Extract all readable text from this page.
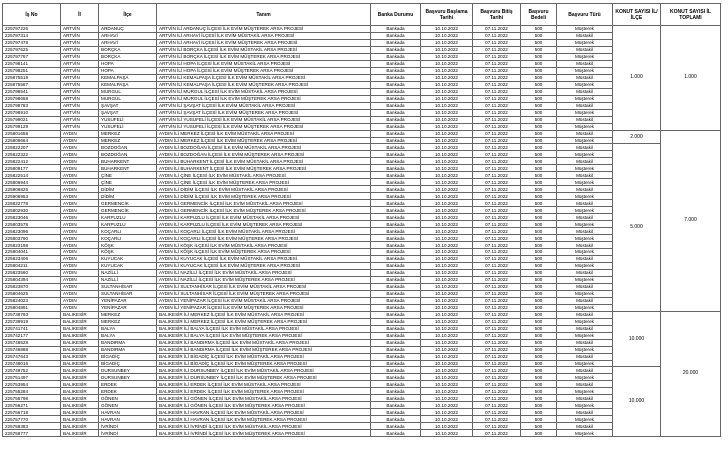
İş No	İl	İlçe	Tanım	Banka Durumu	Başvuru Başlama Tarihi	Başvuru Bitiş Tarihi	Başvuru Bedeli	Başvuru Türü	KONUT SAYISI İL/İLÇE	KONUT SAYISI İL TOPLAMI
225797226	ARTVİN	ARDANUÇ	ARTVİN İLİ ARDANUÇ İLÇESİ İLK EVİM MÜŞTEREK ARSA PROJESİ	Bankada	10.10.2022	07.11.2022	500	Müşterek	1.000	1.000
225797314	ARTVİN	ARHAVİ	ARTVİN İLİ ARHAVİ İLÇESİ İLK EVİM MÜSTAKİL ARSA PROJESİ	Bankada	10.10.2022	07.11.2022	500	Müstakil		
225797478	ARTVİN	ARHAVİ	ARTVİN İLİ ARHAVİ İLÇESİ İLK EVİM MÜŞTEREK ARSA PROJESİ	Bankada	10.10.2022	07.11.2022	500	Müşterek		
225797625	ARTVİN	BORÇKA	ARTVİN İLİ BORÇKA İLÇESİ İLK EVİM MÜSTAKİL ARSA PROJESİ	Bankada	10.10.2022	07.11.2022	500	Müstakil		
225797767	ARTVİN	BORÇKA	ARTVİN İLİ BORÇKA İLÇESİ İLK EVİM MÜŞTEREK ARSA PROJESİ	Bankada	10.10.2022	07.11.2022	500	Müşterek		
225798141	ARTVİN	HOPA	ARTVİN İLİ HOPA İLÇESİ İLK EVİM MÜSTAKİL ARSA PROJESİ	Bankada	10.10.2022	07.11.2022	500	Müstakil		
225798251	ARTVİN	HOPA	ARTVİN İLİ HOPA İLÇESİ İLK EVİM MÜŞTEREK ARSA PROJESİ	Bankada	10.10.2022	07.11.2022	500	Müşterek		
225875519	ARTVİN	KEMALPAŞA	ARTVİN İLİ KEMALPAŞA İLÇESİ İLK EVİM MÜSTAKİL ARSA PROJESİ	Bankada	10.10.2022	07.11.2022	500	Müstakil		
225875587	ARTVİN	KEMALPAŞA	ARTVİN İLİ KEMALPAŞA İLÇESİ İLK EVİM MÜŞTEREK ARSA PROJESİ	Bankada	10.10.2022	07.11.2022	500	Müşterek		
225798541	ARTVİN	MURGUL	ARTVİN İLİ MURGUL İLÇESİ İLK EVİM MÜSTAKİL ARSA PROJESİ	Bankada	10.10.2022	07.11.2022	500	Müstakil		
225798658	ARTVİN	MURGUL	ARTVİN İLİ MURGUL İLÇESİ İLK EVİM MÜŞTEREK ARSA PROJESİ	Bankada	10.10.2022	07.11.2022	500	Müşterek		
225798783	ARTVİN	ŞAVŞAT	ARTVİN İLİ ŞAVŞAT İLÇESİ İLK EVİM MÜSTAKİL ARSA PROJESİ	Bankada	10.10.2022	07.11.2022	500	Müstakil		
225798910	ARTVİN	ŞAVŞAT	ARTVİN İLİ ŞAVŞAT İLÇESİ İLK EVİM MÜŞTEREK ARSA PROJESİ	Bankada	10.10.2022	07.11.2022	500	Müşterek		
225799021	ARTVİN	YUSUFELİ	ARTVİN İLİ YUSUFELİ İLÇESİ İLK EVİM MÜSTAKİL ARSA PROJESİ	Bankada	10.10.2022	07.11.2022	500	Müstakil		
225799129	ARTVİN	YUSUFELİ	ARTVİN İLİ YUSUFELİ İLÇESİ İLK EVİM MÜŞTEREK ARSA PROJESİ	Bankada	10.10.2022	07.11.2022	500	Müşterek		
225801658	AYDIN	MERKEZ	AYDIN İLİ MERKEZ İLÇESİ İLK EVİM MÜSTAKİL ARSA PROJESİ	Bankada	10.10.2022	07.11.2022	500	Müstakil	2.000	7.000
225806664	AYDIN	MERKEZ	AYDIN İLİ MERKEZ İLÇESİ İLK EVİM MÜŞTEREK ARSA PROJESİ	Bankada	10.10.2022	07.11.2022	500	Müşterek		
225822207	AYDIN	BOZDOĞAN	AYDIN İLİ BOZDOĞAN İLÇESİ İLK EVİM MÜSTAKİL ARSA PROJESİ	Bankada	10.10.2022	07.11.2022	500	Müstakil	5.000	
225822322	AYDIN	BOZDOĞAN	AYDIN İLİ BOZDOĞAN İLÇESİ İLK EVİM MÜŞTEREK ARSA PROJESİ	Bankada	10.10.2022	07.11.2022	500	Müşterek		
225822412	AYDIN	BUHARKENT	AYDIN İLİ BUHARKENT İLÇESİ İLK EVİM MÜSTAKİL ARSA PROJESİ	Bankada	10.10.2022	07.11.2022	500	Müstakil		
225809177	AYDIN	BUHARKENT	AYDIN İLİ BUHARKENT İLÇESİ İLK EVİM MÜŞTEREK ARSA PROJESİ	Bankada	10.10.2022	07.11.2022	500	Müşterek		
225822514	AYDIN	ÇİNE	AYDIN İLİ ÇİNE İLÇESİ İLK EVİM MÜSTAKİL ARSA PROJESİ	Bankada	10.10.2022	07.11.2022	500	Müstakil		
225806944	AYDIN	ÇİNE	AYDIN İLİ ÇİNE İLÇESİ İLK EVİM MÜŞTEREK ARSA PROJESİ	Bankada	10.10.2022	07.11.2022	500	Müşterek		
225906826	AYDIN	DİDİM	AYDIN İLİ DİDİM İLÇESİ İLK EVİM MÜSTAKİL ARSA PROJESİ	Bankada	10.10.2022	07.11.2022	500	Müstakil		
225906953	AYDIN	DİDİM	AYDIN İLİ DİDİM İLÇESİ İLK EVİM MÜŞTEREK ARSA PROJESİ	Bankada	10.10.2022	07.11.2022	500	Müşterek		
225822778	AYDIN	GERMENCİK	AYDIN İLİ GERMENCİK İLÇESİ İLK EVİM MÜSTAKİL ARSA PROJESİ	Bankada	10.10.2022	07.11.2022	500	Müstakil		
225802930	AYDIN	GERMENCİK	AYDIN İLİ GERMENCİK İLÇESİ İLK EVİM MÜŞTEREK ARSA PROJESİ	Bankada	10.10.2022	07.11.2022	500	Müşterek		
225823046	AYDIN	KARPUZLU	AYDIN İLİ KARPUZLU İLÇESİ İLK EVİM MÜSTAKİL ARSA PROJESİ	Bankada	10.10.2022	07.11.2022	500	Müstakil		
225803578	AYDIN	KARPUZLU	AYDIN İLİ KARPUZLU İLÇESİ İLK EVİM MÜŞTEREK ARSA PROJESİ	Bankada	10.10.2022	07.11.2022	500	Müşterek		
225823096	AYDIN	KOÇARLI	AYDIN İLİ KOÇARLI İLÇESİ İLK EVİM MÜSTAKİL ARSA PROJESİ	Bankada	10.10.2022	07.11.2022	500	Müstakil		
225803790	AYDIN	KOÇARLI	AYDIN İLİ KOÇARLI İLÇESİ İLK EVİM MÜŞTEREK ARSA PROJESİ	Bankada	10.10.2022	07.11.2022	500	Müşterek		
225823198	AYDIN	KÖŞK	AYDIN İLİ KÖŞK İLÇESİ İLK EVİM MÜSTAKİL ARSA PROJESİ	Bankada	10.10.2022	07.11.2022	500	Müstakil		
225804041	AYDIN	KÖŞK	AYDIN İLİ KÖŞK İLÇESİ İLK EVİM MÜŞTEREK ARSA PROJESİ	Bankada	10.10.2022	07.11.2022	500	Müşterek		
225823406	AYDIN	KUYUCAK	AYDIN İLİ KUYUCAK İLÇESİ İLK EVİM MÜSTAKİL ARSA PROJESİ	Bankada	10.10.2022	07.11.2022	500	Müstakil		
225804211	AYDIN	KUYUCAK	AYDIN İLİ KUYUCAK İLÇESİ İLK EVİM MÜŞTEREK ARSA PROJESİ	Bankada	10.10.2022	07.11.2022	500	Müşterek		
225823560	AYDIN	NAZİLLİ	AYDIN İLİ NAZİLLİ İLÇESİ İLK EVİM MÜSTAKİL ARSA PROJESİ	Bankada	10.10.2022	07.11.2022	500	Müstakil		
225804394	AYDIN	NAZİLLİ	AYDIN İLİ NAZİLLİ İLÇESİ İLK EVİM MÜŞTEREK ARSA PROJESİ	Bankada	10.10.2022	07.11.2022	500	Müşterek		
225823870	AYDIN	SULTANHİSAR	AYDIN İLİ SULTANHİSAR İLÇESİ İLK EVİM MÜSTAKİL ARSA PROJESİ	Bankada	10.10.2022	07.11.2022	500	Müstakil		
225804625	AYDIN	SULTANHİSAR	AYDIN İLİ SULTANHİSAR İLÇESİ İLK EVİM MÜŞTEREK ARSA PROJESİ	Bankada	10.10.2022	07.11.2022	500	Müşterek		
225824023	AYDIN	YENİPAZAR	AYDIN İLİ YENİPAZAR İLÇESİ İLK EVİM MÜSTAKİL ARSA PROJESİ	Bankada	10.10.2022	07.11.2022	500	Müstakil		
225804891	AYDIN	YENİPAZAR	AYDIN İLİ YENİPAZAR İLÇESİ İLK EVİM MÜŞTEREK ARSA PROJESİ	Bankada	10.10.2022	07.11.2022	500	Müşterek		
225738793	BALIKESİR	MERKEZ	BALIKESİR İLİ MERKEZ İLÇESİ İLK EVİM MÜSTAKİL ARSA PROJESİ	Bankada	10.10.2022	07.11.2022	500	Müstakil	10.000	20.000
225739919	BALIKESİR	MERKEZ	BALIKESİR İLİ MERKEZ İLÇESİ İLK EVİM MÜŞTEREK ARSA PROJESİ	Bankada	10.10.2022	07.11.2022	500	Müşterek		
225741741	BALIKESİR	BALYA	BALIKESİR İLİ BALYA İLÇESİ İLK EVİM MÜSTAKİL ARSA PROJESİ	Bankada	10.10.2022	07.11.2022	500	Müstakil		
225742177	BALIKESİR	BALYA	BALIKESİR İLİ BALYA İLÇESİ İLK EVİM MÜŞTEREK ARSA PROJESİ	Bankada	10.10.2022	07.11.2022	500	Müşterek		
225746528	BALIKESİR	BANDIRMA	BALIKESİR İLİ BANDIRMA İLÇESİ İLK EVİM MÜSTAKİL ARSA PROJESİ	Bankada	10.10.2022	07.11.2022	500	Müstakil		
225746888	BALIKESİR	BANDIRMA	BALIKESİR İLİ BANDIRMA İLÇESİ İLK EVİM MÜŞTEREK ARSA PROJESİ	Bankada	10.10.2022	07.11.2022	500	Müşterek		
225747643	BALIKESİR	BİGADİÇ	BALIKESİR İLİ BİGADİÇ İLÇESİ İLK EVİM MÜSTAKİL ARSA PROJESİ	Bankada	10.10.2022	07.11.2022	500	Müstakil		
225748016	BALIKESİR	BİGADİÇ	BALIKESİR İLİ BİGADİÇ İLÇESİ İLK EVİM MÜŞTEREK ARSA PROJESİ	Bankada	10.10.2022	07.11.2022	500	Müşterek		
225749752	BALIKESİR	DURSUNBEY	BALIKESİR İLİ DURSUNBEY İLÇESİ İLK EVİM MÜSTAKİL ARSA PROJESİ	Bankada	10.10.2022	07.11.2022	500	Müstakil	10.000	
225751497	BALIKESİR	DURSUNBEY	BALIKESİR İLİ DURSUNBEY İLÇESİ İLK EVİM MÜŞTEREK ARSA PROJESİ	Bankada	10.10.2022	07.11.2022	500	Müşterek		
225753954	BALIKESİR	ERDEK	BALIKESİR İLİ ERDEK İLÇESİ İLK EVİM MÜSTAKİL ARSA PROJESİ	Bankada	10.10.2022	07.11.2022	500	Müstakil		
225755284	BALIKESİR	ERDEK	BALIKESİR İLİ ERDEK İLÇESİ İLK EVİM MÜŞTEREK ARSA PROJESİ	Bankada	10.10.2022	07.11.2022	500	Müşterek		
225755798	BALIKESİR	GÖNEN	BALIKESİR İLİ GÖNEN İLÇESİ İLK EVİM MÜSTAKİL ARSA PROJESİ	Bankada	10.10.2022	07.11.2022	500	Müstakil		
225756271	BALIKESİR	GÖNEN	BALIKESİR İLİ GÖNEN İLÇESİ İLK EVİM MÜŞTEREK ARSA PROJESİ	Bankada	10.10.2022	07.11.2022	500	Müşterek		
225756718	BALIKESİR	HAVRAN	BALIKESİR İLİ HAVRAN İLÇESİ İLK EVİM MÜSTAKİL ARSA PROJESİ	Bankada	10.10.2022	07.11.2022	500	Müstakil		
225757770	BALIKESİR	HAVRAN	BALIKESİR İLİ HAVRAN İLÇESİ İLK EVİM MÜŞTEREK ARSA PROJESİ	Bankada	10.10.2022	07.11.2022	500	Müşterek		
225758383	BALIKESİR	İVRİNDİ	BALIKESİR İLİ İVRİNDİ İLÇESİ İLK EVİM MÜSTAKİL ARSA PROJESİ	Bankada	10.10.2022	07.11.2022	500	Müstakil		
225758777	BALIKESİR	İVRİNDİ	BALIKESİR İLİ İVRİNDİ İLÇESİ İLK EVİM MÜŞTEREK ARSA PROJESİ	Bankada	10.10.2022	07.11.2022	500	Müşterek		
